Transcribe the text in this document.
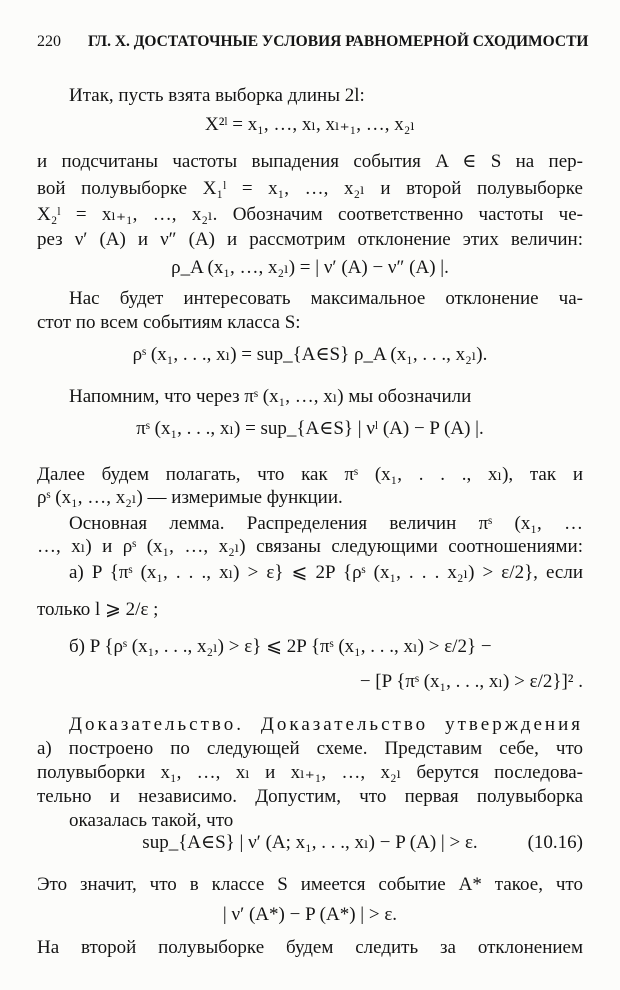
220 ГЛ. X. ДОСТАТОЧНЫЕ УСЛОВИЯ РАВНОМЕРНОЙ СХОДИМОСТИ
Итак, пусть взята выборка длины 2l:
X²ˡ = x₁, …, xₗ, xₗ₊₁, …, x₂ₗ
и подсчитаны частоты выпадения события A ∈ S на пер-
вой полувыборке X₁ˡ = x₁, …, x₂ₗ и второй полувыборке
X₂ˡ = xₗ₊₁, …, x₂ₗ. Обозначим соответственно частоты че-
рез ν′ (A) и ν″ (A) и рассмотрим отклонение этих величин:
ρ_A (x₁, …, x₂ₗ) = | ν′ (A) − ν″ (A) |.
Нас будет интересовать максимальное отклонение ча-
стот по всем событиям класса S:
ρˢ (x₁, . . ., xₗ) = sup_{A∈S} ρ_A (x₁, . . ., x₂ₗ).
Напомним, что через πˢ (x₁, …, xₗ) мы обозначили
πˢ (x₁, . . ., xₗ) = sup_{A∈S} | νˡ (A) − P (A) |.
Далее будем полагать, что как πˢ (x₁, . . ., xₗ), так и
ρˢ (x₁, …, x₂ₗ) — измеримые функции.
Основная лемма. Распределения величин πˢ (x₁, …
…, xₗ) и ρˢ (x₁, …, x₂ₗ) связаны следующими соотношениями:
а) P {πˢ (x₁, . . ., xₗ) > ε} ⩽ 2P {ρˢ (x₁, . . . x₂ₗ) > ε/2}, если
только l ⩾ 2/ε ;
б) P {ρˢ (x₁, . . ., x₂ₗ) > ε} ⩽ 2P {πˢ (x₁, . . ., xₗ) > ε/2} −
− [P {πˢ (x₁, . . ., xₗ) > ε/2}]² .
Доказательство. Доказательство утверждения
а) построено по следующей схеме. Представим себе, что
полувыборки x₁, …, xₗ и xₗ₊₁, …, x₂ₗ берутся последова-
тельно и независимо. Допустим, что первая полувыборка
оказалась такой, что
sup_{A∈S} | ν′ (A; x₁, . . ., xₗ) − P (A) | > ε.	(10.16)
Это значит, что в классе S имеется событие A* такое, что
| ν′ (A*) − P (A*) | > ε.
На второй полувыборке будем следить за отклонением
